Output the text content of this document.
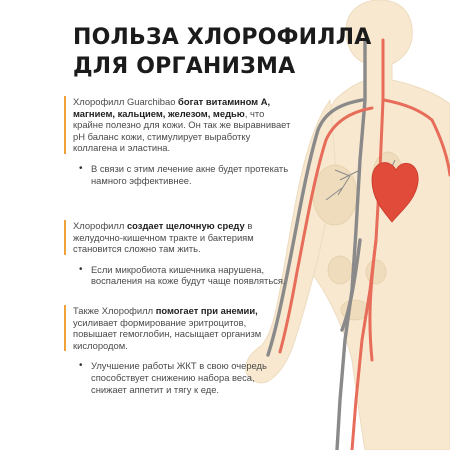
ПОЛЬЗА ХЛОРОФИЛЛА
ДЛЯ ОРГАНИЗМА
Хлорофилл Guarchibao богат витамином А, магнием, кальцием, железом, медью, что крайне полезно для кожи. Он так же выравнивает рН баланс кожи, стимулирует выработку коллагена и эластина.
• В связи с этим лечение акне будет протекать намного эффективнее.
Хлорофилл создает щелочную среду в желудочно-кишечном тракте и бактериям становится сложно там жить.
• Если микробиота кишечника нарушена, воспаления на коже будут чаще появляться.
Также Хлорофилл помогает при анемии, усиливает формирование эритроцитов, повышает гемоглобин, насыщает организм кислородом.
• Улучшение работы ЖКТ в свою очередь способствует снижению набора веса, снижает аппетит и тягу к еде.
